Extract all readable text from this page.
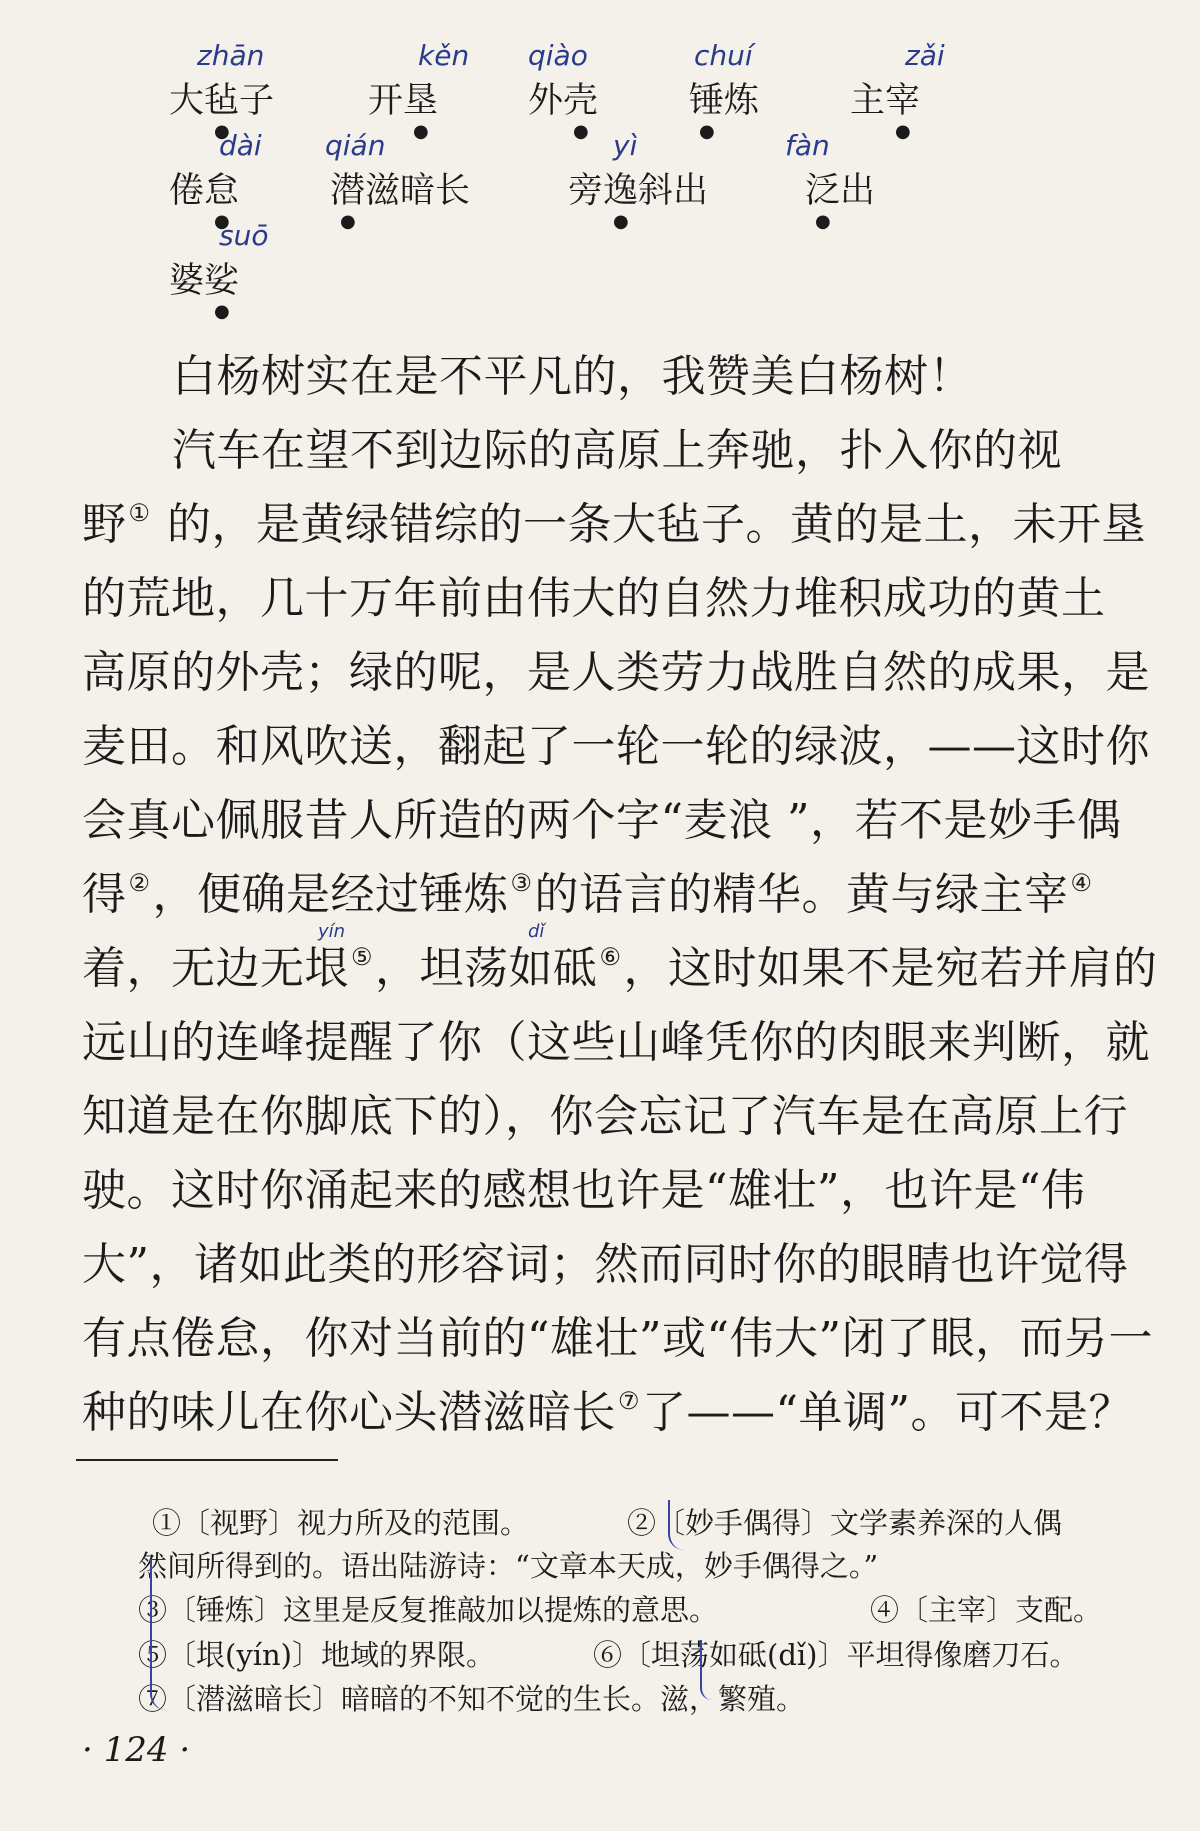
大毡子
zhān
开垦
kěn
外壳
qiào
锤炼
chuí
主宰
zǎi
倦怠
dài
潜滋暗长
qián
旁逸斜出
yì
泛出
fàn
婆娑
suō
白杨树实在是不平凡的，我赞美白杨树！
汽车在望不到边际的高原上奔驰，扑入你的视
野① 的，是黄绿错综的一条大毡子。黄的是土，未开垦
的荒地，几十万年前由伟大的自然力堆积成功的黄土
高原的外壳；绿的呢，是人类劳力战胜自然的成果，是
麦田。和风吹送，翻起了一轮一轮的绿波，——这时你
会真心佩服昔人所造的两个字“麦浪 ”，若不是妙手偶
得②，便确是经过锤炼③的语言的精华。黄与绿主宰④
着，无边无垠⑤，坦荡如砥⑥，这时如果不是宛若并肩的
远山的连峰提醒了你（这些山峰凭你的肉眼来判断，就
知道是在你脚底下的），你会忘记了汽车是在高原上行
驶。这时你涌起来的感想也许是“雄壮”，也许是“伟
大”，诸如此类的形容词；然而同时你的眼睛也许觉得
有点倦怠，你对当前的“雄壮”或“伟大”闭了眼，而另一
种的味儿在你心头潜滋暗长⑦了——“单调”。可不是？
yín	dǐ
①〔视野〕视力所及的范围。	②〔妙手偶得〕文学素养深的人偶
然间所得到的。语出陆游诗：“文章本天成，妙手偶得之。”
③〔锤炼〕这里是反复推敲加以提炼的意思。	④〔主宰〕支配。
⑤〔垠(yín)〕地域的界限。	⑥〔坦荡如砥(dǐ)〕平坦得像磨刀石。
⑦〔潜滋暗长〕暗暗的不知不觉的生长。滋，繁殖。
· 124 ·
